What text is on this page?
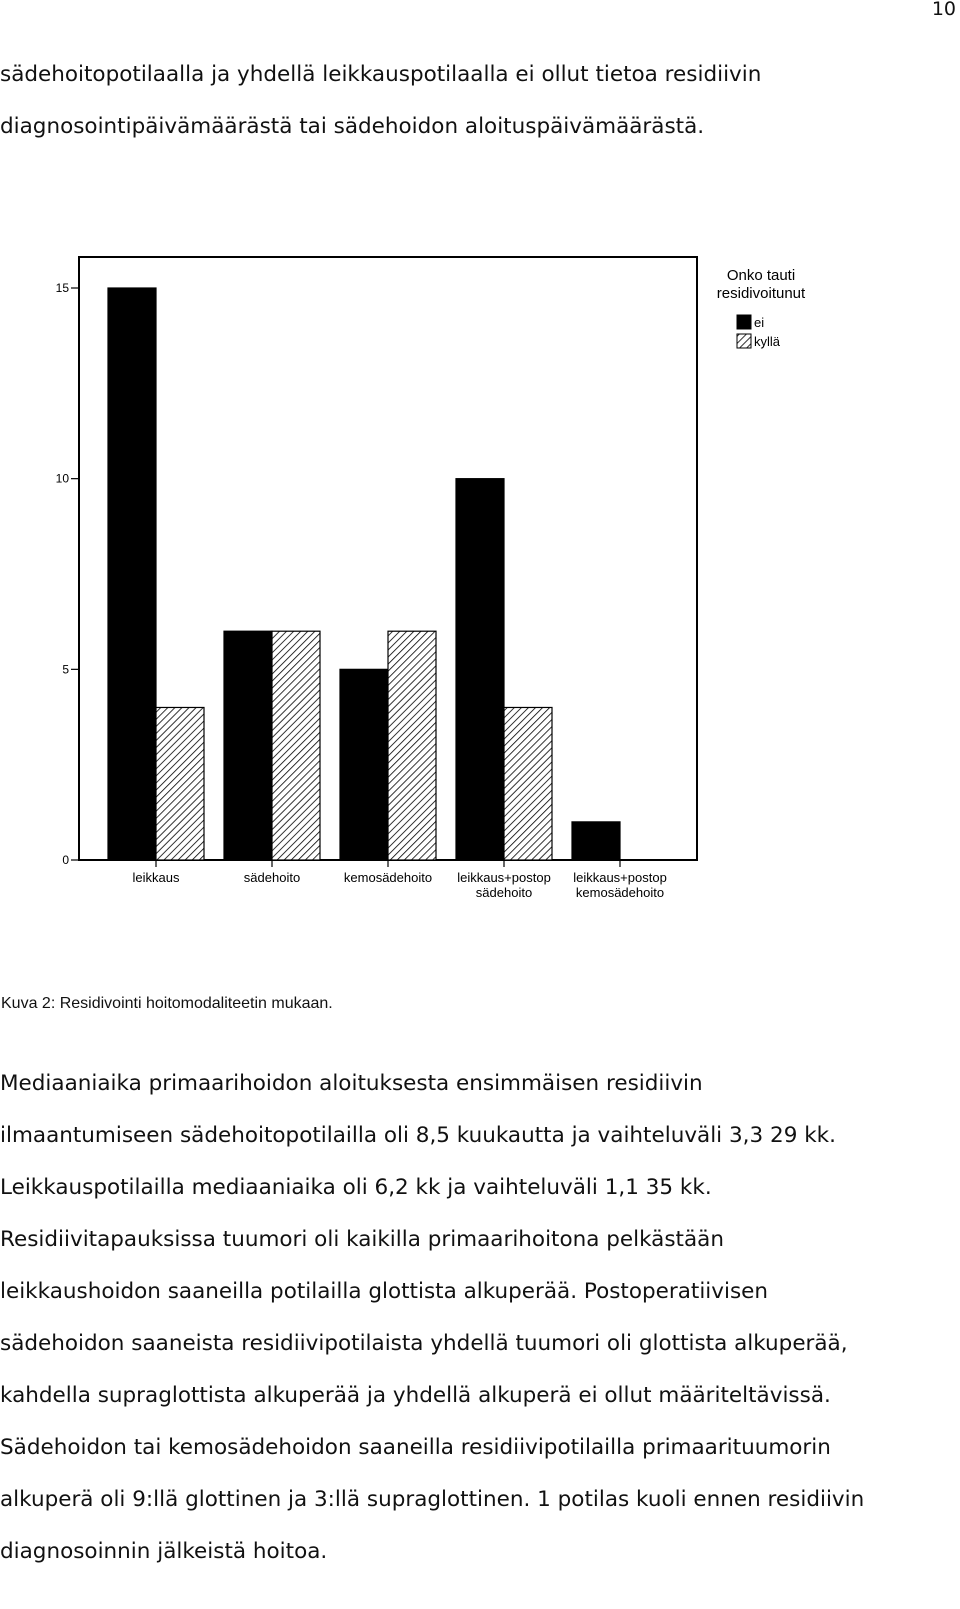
10

sädehoitopotilaalla ja yhdellä leikkauspotilaalla ei ollut tietoa residiivin
diagnosointipäivämäärästä tai sädehoidon aloituspäivämäärästä.

0
5
10
15
leikkaus	sädehoito	kemosädehoito leikkaus+postop
sädehoito
leikkaus+postop
kemosädehoito
Onko tauti
residivoitunut
ei
kyllä
Kuva 2: Residivointi hoitomodaliteetin mukaan.

Mediaaniaika primaarihoidon aloituksesta ensimmäisen residiivin
ilmaantumiseen sädehoitopotilailla oli 8,5 kuukautta ja vaihteluväli 3,3 29 kk.
Leikkauspotilailla mediaaniaika oli 6,2 kk ja vaihteluväli 1,1 35 kk.
Residiivitapauksissa tuumori oli kaikilla primaarihoitona pelkästään
leikkaushoidon saaneilla potilailla glottista alkuperää. Postoperatiivisen
sädehoidon saaneista residiivipotilaista yhdellä tuumori oli glottista alkuperää,
kahdella supraglottista alkuperää ja yhdellä alkuperä ei ollut määriteltävissä.
Sädehoidon tai kemosädehoidon saaneilla residiivipotilailla primaarituumorin
alkuperä oli 9:llä glottinen ja 3:llä supraglottinen. 1 potilas kuoli ennen residiivin
diagnosoinnin jälkeistä hoitoa.
